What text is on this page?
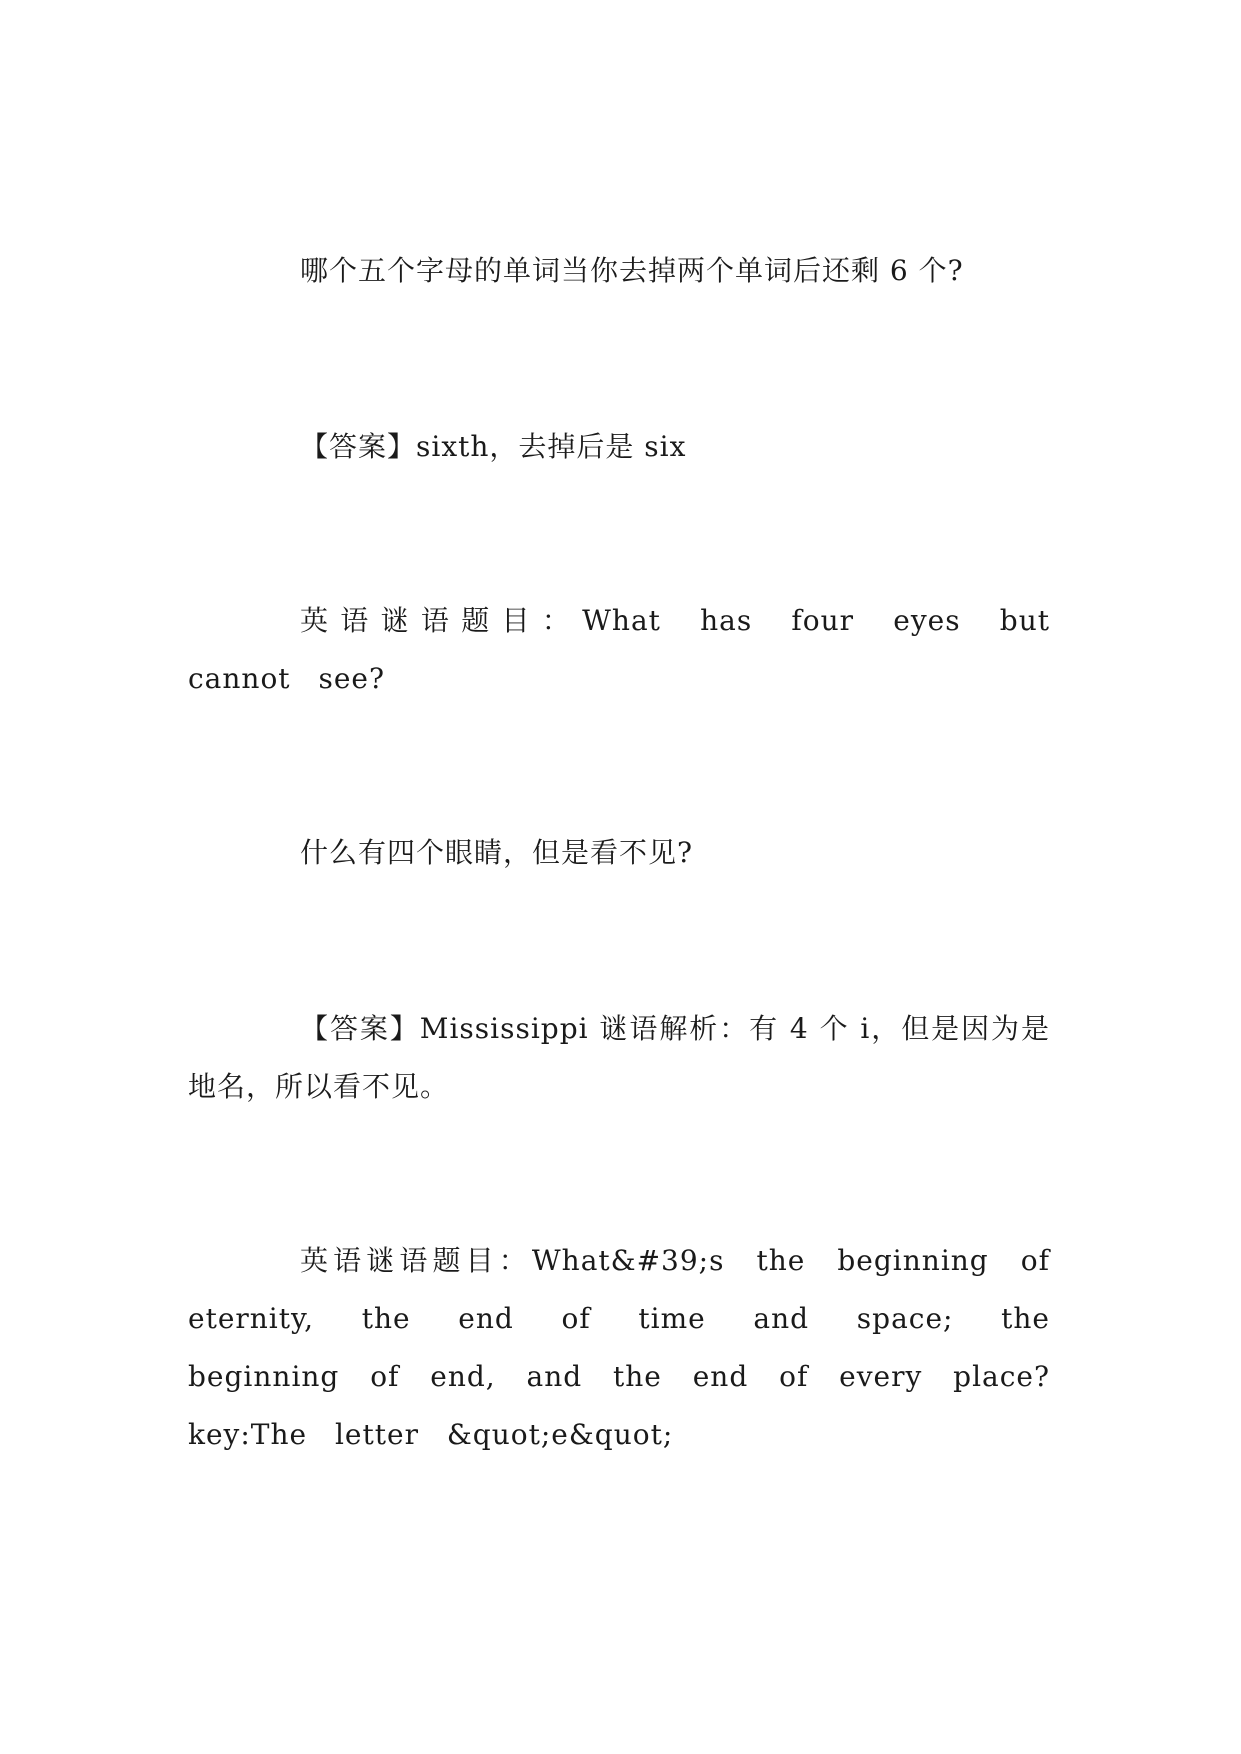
哪个五个字母的单词当你去掉两个单词后还剩 6 个?

【答案】sixth，去掉后是 six

英语谜语题目：What has four eyes but cannot see?

什么有四个眼睛，但是看不见?

【答案】Mississippi 谜语解析：有 4 个 i，但是因为是地名，所以看不见。

英语谜语题目：What&#39;s the beginning of eternity, the end of time and space; the beginning of end, and the end of every place?key:The letter &quot;e&quot;
